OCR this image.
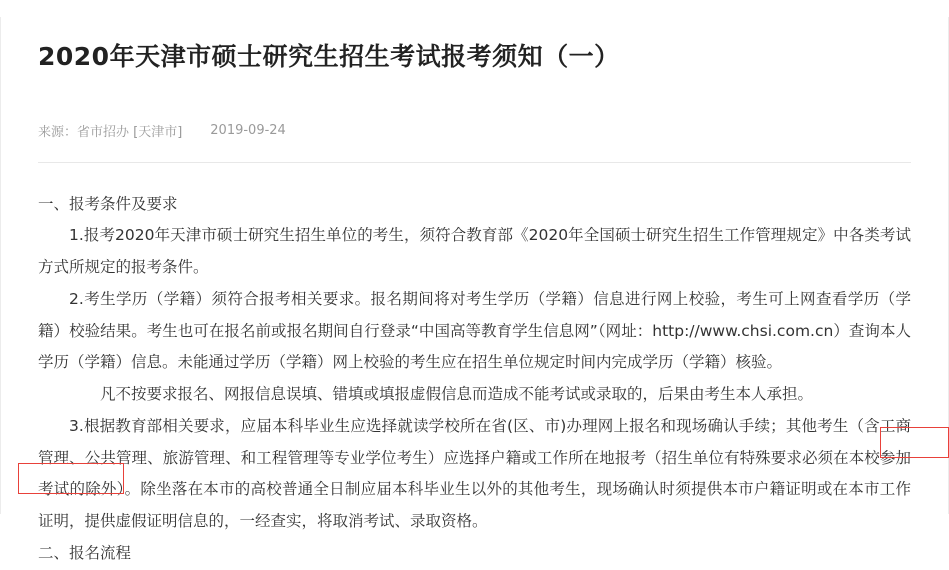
2020年天津市硕士研究生招生考试报考须知（一）
来源：省市招办 [天津市] 2019-09-24

一、报考条件及要求

1.报考2020年天津市硕士研究生招生单位的考生，须符合教育部《2020年全国硕士研究生招生工作管理规定》中各类考试方式所规定的报考条件。

2.考生学历（学籍）须符合报考相关要求。报名期间将对考生学历（学籍）信息进行网上校验，考生可上网查看学历（学籍）校验结果。考生也可在报名前或报名期间自行登录“中国高等教育学生信息网”（网址：http://www.chsi.com.cn）查询本人学历（学籍）信息。未能通过学历（学籍）网上校验的考生应在招生单位规定时间内完成学历（学籍）核验。

凡不按要求报名、网报信息误填、错填或填报虚假信息而造成不能考试或录取的，后果由考生本人承担。

3.根据教育部相关要求，应届本科毕业生应选择就读学校所在省(区、市)办理网上报名和现场确认手续；其他考生（含工商管理、公共管理、旅游管理、和工程管理等专业学位考生）应选择户籍或工作所在地报考（招生单位有特殊要求必须在本校参加考试的除外）。除坐落在本市的高校普通全日制应届本科毕业生以外的其他考生，现场确认时须提供本市户籍证明或在本市工作证明，提供虚假证明信息的，一经查实，将取消考试、录取资格。

二、报名流程
